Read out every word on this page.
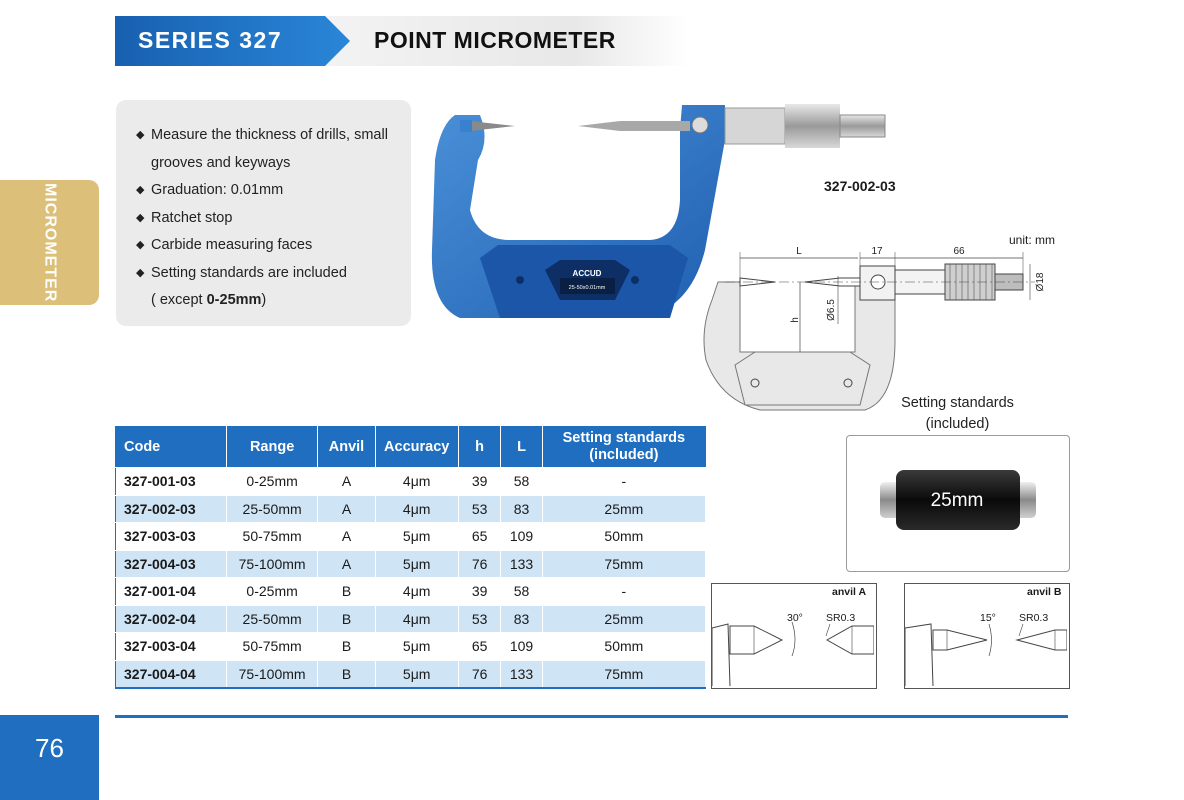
SERIES 327	POINT MICROMETER
MICROMETER
◆ Measure the thickness of drills, small grooves and keyways
◆ Graduation: 0.01mm
◆ Ratchet stop
◆ Carbide measuring faces
◆ Setting standards are included
( except 0-25mm)
ACCUD
25-50x0.01mm
327-002-03
unit: mm
L	17	66
h	Ø6.5
Ø18
Code	Range	Anvil	Accuracy	h	L	Setting standards (included)
327-001-03	0-25mm	A	4μm	39	58	-
327-002-03	25-50mm	A	4μm	53	83	25mm
327-003-03	50-75mm	A	5μm	65	109	50mm
327-004-03	75-100mm	A	5μm	76	133	75mm
327-001-04	0-25mm	B	4μm	39	58	-
327-002-04	25-50mm	B	4μm	53	83	25mm
327-003-04	50-75mm	B	5μm	65	109	50mm
327-004-04	75-100mm	B	5μm	76	133	75mm
Setting standards (included)
25mm
anvil A
30° SR0.3
anvil B
15° SR0.3
76
